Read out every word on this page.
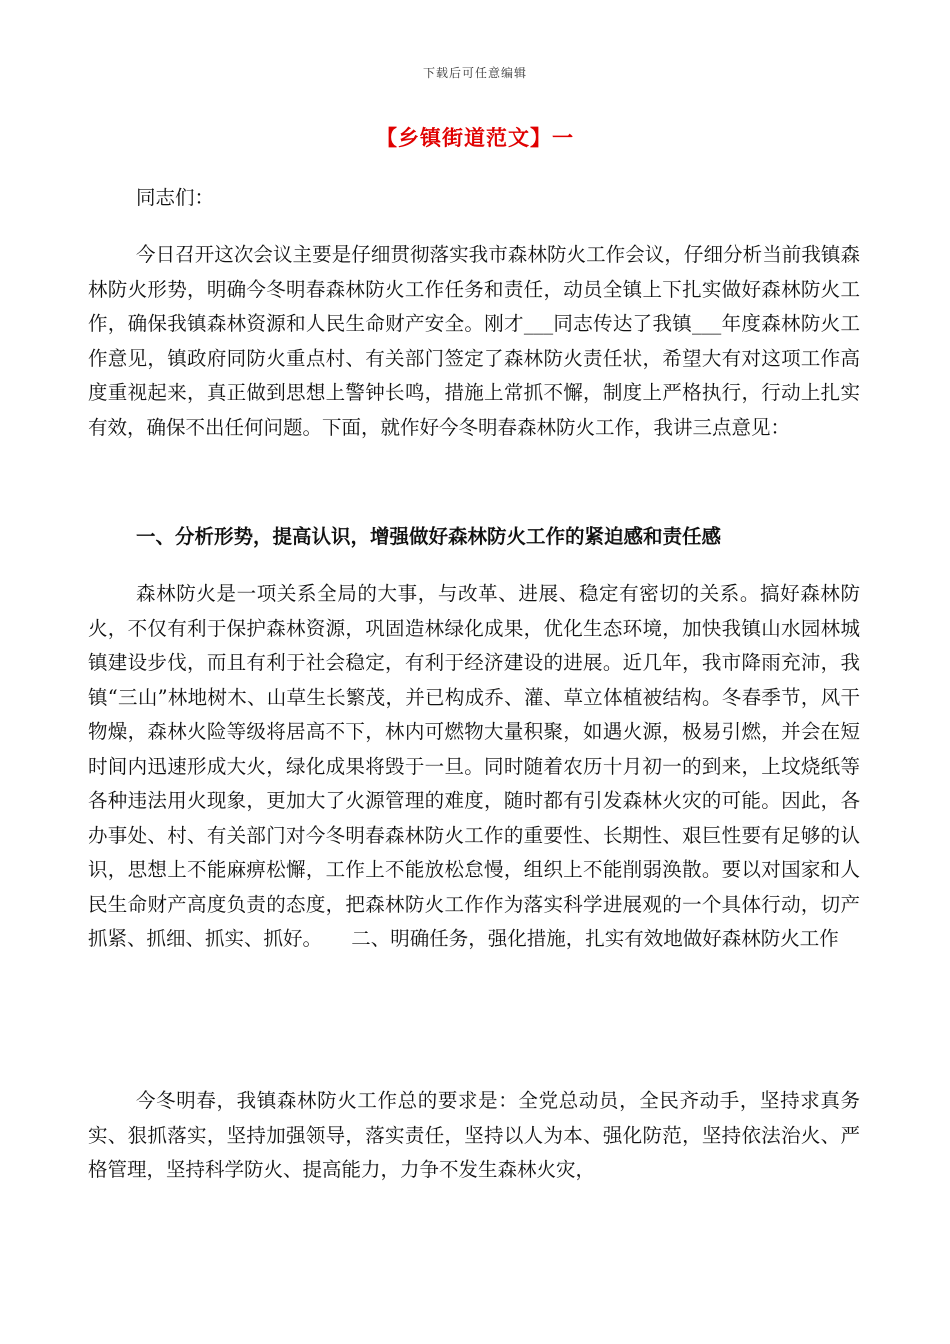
下载后可任意编辑
【乡镇街道范文】一
同志们：
今日召开这次会议主要是仔细贯彻落实我市森林防火工作会议，仔细分析当前我镇森林防火形势，明确今冬明春森林防火工作任务和责任，动员全镇上下扎实做好森林防火工作，确保我镇森林资源和人民生命财产安全。刚才___同志传达了我镇___年度森林防火工作意见，镇政府同防火重点村、有关部门签定了森林防火责任状，希望大有对这项工作高度重视起来，真正做到思想上警钟长鸣，措施上常抓不懈，制度上严格执行，行动上扎实有效，确保不出任何问题。下面，就作好今冬明春森林防火工作，我讲三点意见：
一、分析形势，提高认识，增强做好森林防火工作的紧迫感和责任感
森林防火是一项关系全局的大事，与改革、进展、稳定有密切的关系。搞好森林防火，不仅有利于保护森林资源，巩固造林绿化成果，优化生态环境，加快我镇山水园林城镇建设步伐，而且有利于社会稳定，有利于经济建设的进展。近几年，我市降雨充沛，我镇“三山”林地树木、山草生长繁茂，并已构成乔、灌、草立体植被结构。冬春季节，风干物燥，森林火险等级将居高不下，林内可燃物大量积聚，如遇火源，极易引燃，并会在短时间内迅速形成大火，绿化成果将毁于一旦。同时随着农历十月初一的到来，上坟烧纸等各种违法用火现象，更加大了火源管理的难度，随时都有引发森林火灾的可能。因此，各办事处、村、有关部门对今冬明春森林防火工作的重要性、长期性、艰巨性要有足够的认识，思想上不能麻痹松懈，工作上不能放松怠慢，组织上不能削弱涣散。要以对国家和人民生命财产高度负责的态度，把森林防火工作作为落实科学进展观的一个具体行动，切产抓紧、抓细、抓实、抓好。　　二、明确任务，强化措施，扎实有效地做好森林防火工作
今冬明春，我镇森林防火工作总的要求是：全党总动员，全民齐动手，坚持求真务实、狠抓落实，坚持加强领导，落实责任，坚持以人为本、强化防范，坚持依法治火、严格管理，坚持科学防火、提高能力，力争不发生森林火灾，
